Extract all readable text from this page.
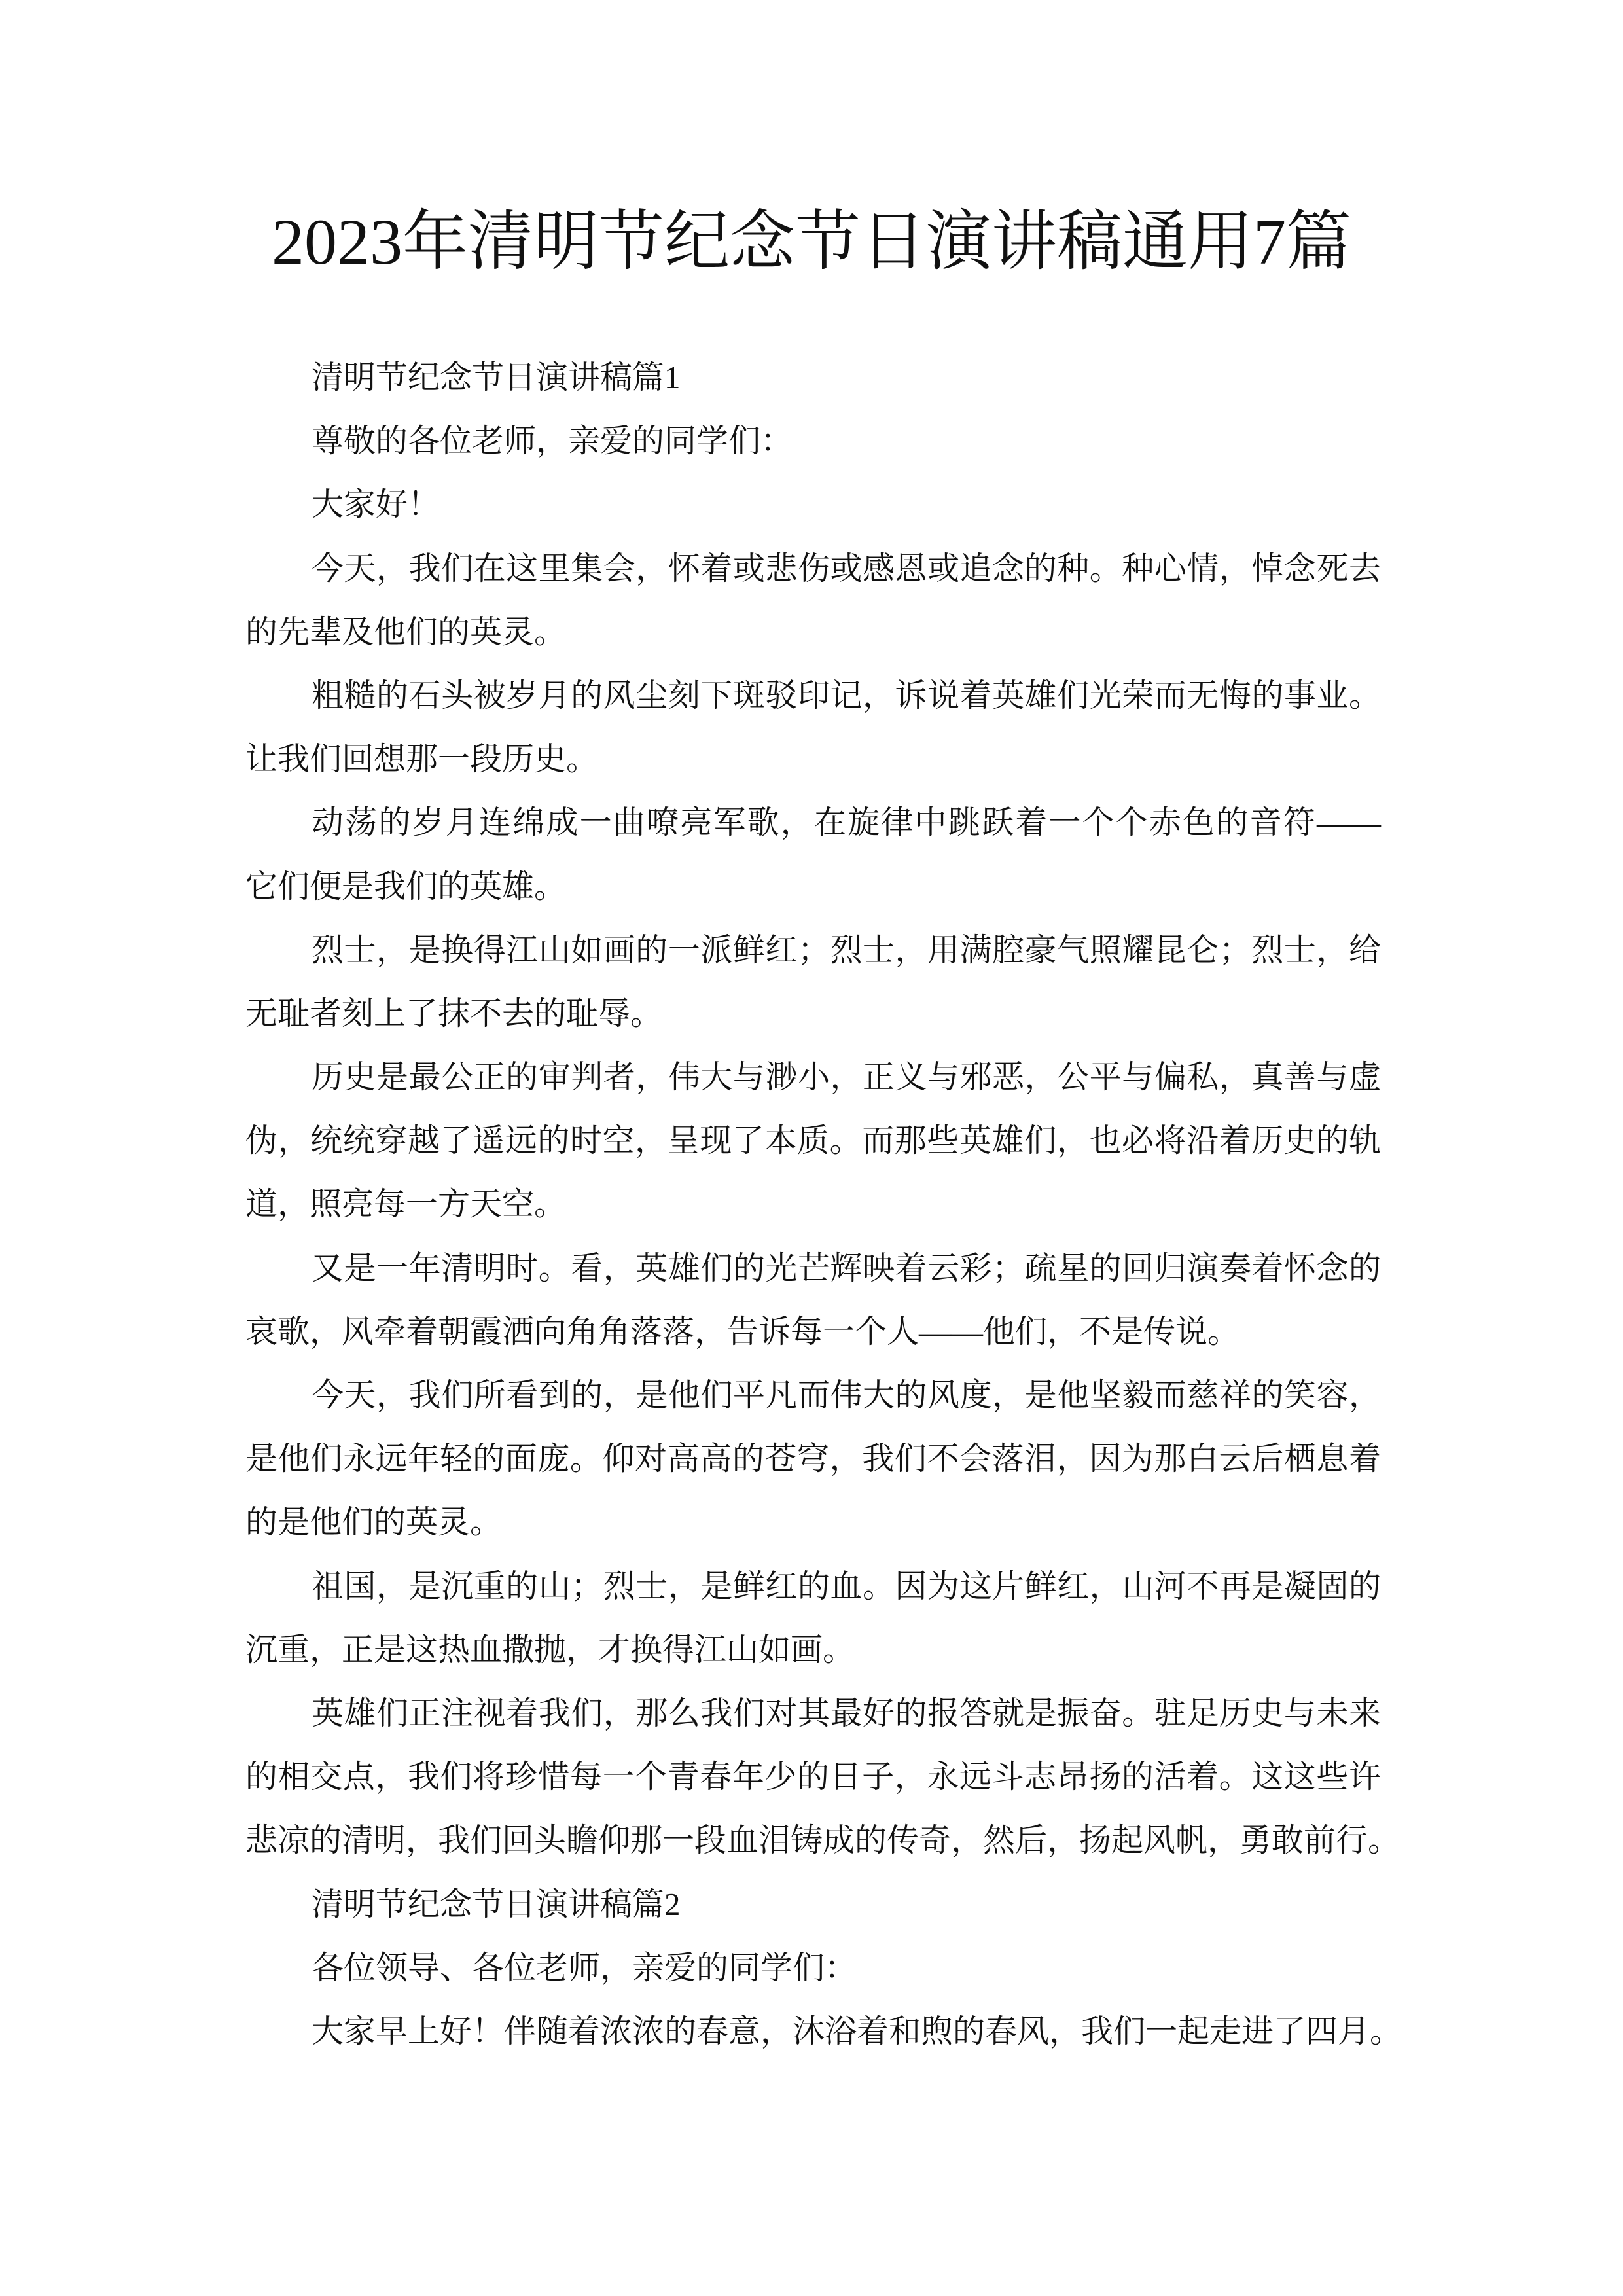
2023年清明节纪念节日演讲稿通用7篇
清明节纪念节日演讲稿篇1
尊敬的各位老师，亲爱的同学们：
大家好！
今天，我们在这里集会，怀着或悲伤或感恩或追念的种。种心情，悼念死去
的先辈及他们的英灵。
粗糙的石头被岁月的风尘刻下斑驳印记，诉说着英雄们光荣而无悔的事业。
让我们回想那一段历史。
动荡的岁月连绵成一曲嘹亮军歌，在旋律中跳跃着一个个赤色的音符——
它们便是我们的英雄。
烈士，是换得江山如画的一派鲜红；烈士，用满腔豪气照耀昆仑；烈士，给
无耻者刻上了抹不去的耻辱。
历史是最公正的审判者，伟大与渺小，正义与邪恶，公平与偏私，真善与虚
伪，统统穿越了遥远的时空，呈现了本质。而那些英雄们，也必将沿着历史的轨
道，照亮每一方天空。
又是一年清明时。看，英雄们的光芒辉映着云彩；疏星的回归演奏着怀念的
哀歌，风牵着朝霞洒向角角落落，告诉每一个人——他们，不是传说。
今天，我们所看到的，是他们平凡而伟大的风度，是他坚毅而慈祥的笑容，
是他们永远年轻的面庞。仰对高高的苍穹，我们不会落泪，因为那白云后栖息着
的是他们的英灵。
祖国，是沉重的山；烈士，是鲜红的血。因为这片鲜红，山河不再是凝固的
沉重，正是这热血撒抛，才换得江山如画。
英雄们正注视着我们，那么我们对其最好的报答就是振奋。驻足历史与未来
的相交点，我们将珍惜每一个青春年少的日子，永远斗志昂扬的活着。这这些许
悲凉的清明，我们回头瞻仰那一段血泪铸成的传奇，然后，扬起风帆，勇敢前行。
清明节纪念节日演讲稿篇2
各位领导、各位老师，亲爱的同学们：
大家早上好！伴随着浓浓的春意，沐浴着和煦的春风，我们一起走进了四月。
